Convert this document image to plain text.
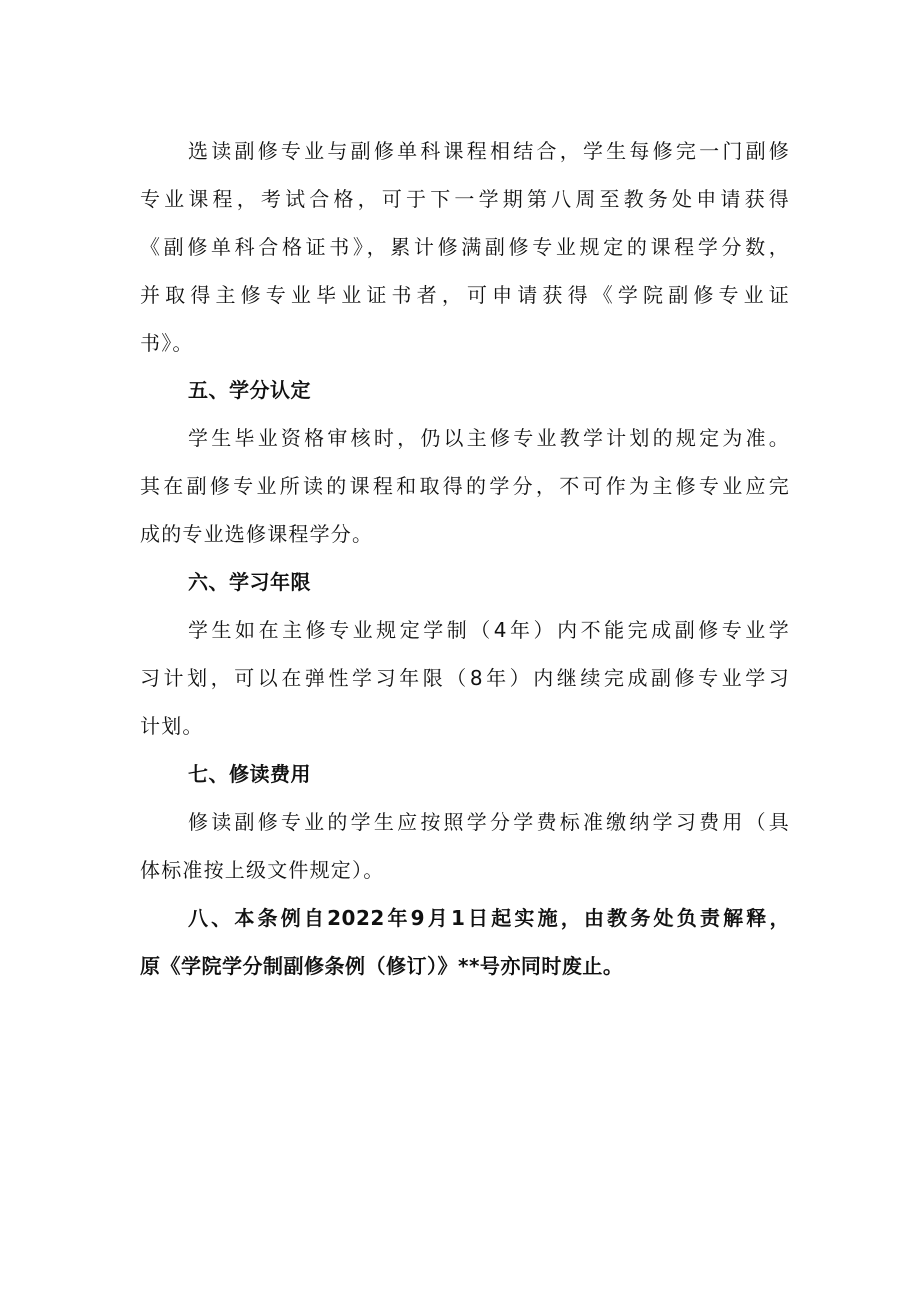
选读副修专业与副修单科课程相结合，学生每修完一门副修
专业课程，考试合格，可于下一学期第八周至教务处申请获得
《副修单科合格证书》，累计修满副修专业规定的课程学分数，
并取得主修专业毕业证书者，可申请获得《学院副修专业证
书》。
五、学分认定
学生毕业资格审核时，仍以主修专业教学计划的规定为准。
其在副修专业所读的课程和取得的学分，不可作为主修专业应完
成的专业选修课程学分。
六、学习年限
学生如在主修专业规定学制（4年）内不能完成副修专业学
习计划，可以在弹性学习年限（8年）内继续完成副修专业学习
计划。
七、修读费用
修读副修专业的学生应按照学分学费标准缴纳学习费用（具
体标准按上级文件规定）。
八、本条例自2022年9月1日起实施，由教务处负责解释，
原《学院学分制副修条例（修订）》**号亦同时废止。
